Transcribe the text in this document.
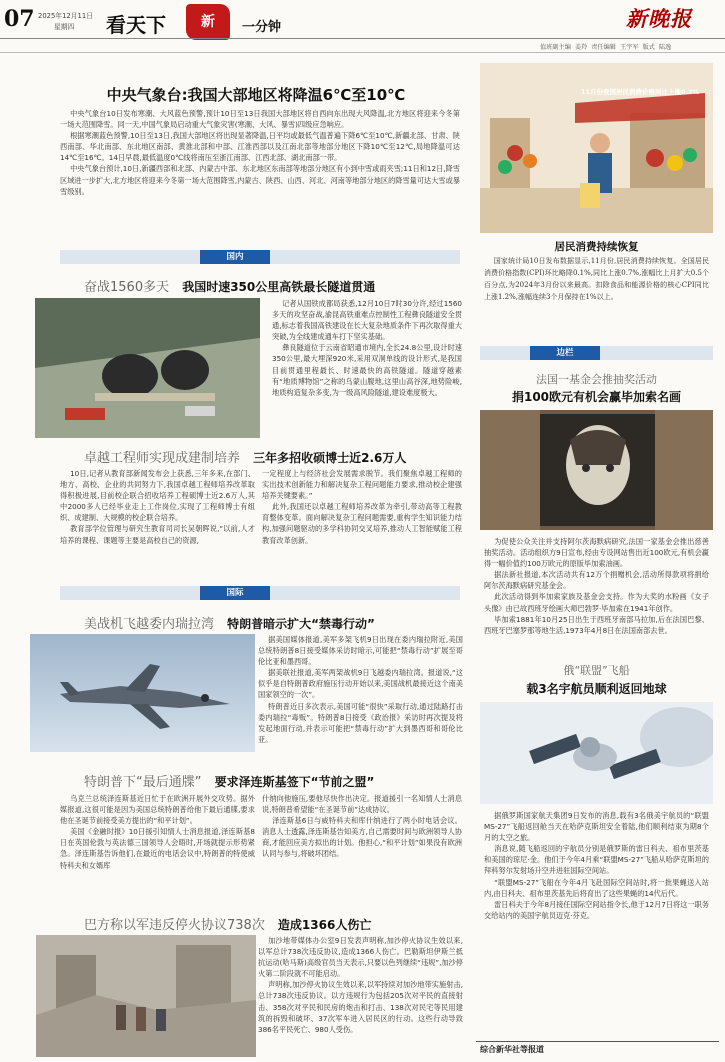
07 2025年12月11日
星期四 看天下	新	一分钟	新晚报
值班副主编 姜羚 责任编辑 王宇军 版式 陆逸
中央气象台:我国大部地区将降温6℃至10℃

中央气象台10日发布寒潮、大风蓝色预警,预计10日至13日我国大部地区将自西向东出现大风降温,北方地区将迎来今冬第一场大范围降雪。同一天,中国气象局启动重大气象灾害(寒潮、大风、暴雪)四级应急响应。

根据寒潮蓝色预警,10日至13日,我国大部地区将出现显著降温,日平均或最低气温普遍下降6℃至10℃,新疆北部、甘肃、陕西南部、华北南部、东北地区南部、黄淮北部和中部、江淮西部以及江南北部等地部分地区下降10℃至12℃,局地降温可达14℃至16℃。14日早晨,最低温度0℃线将南压至浙江南部、江西北部、湖北南部一带。

中央气象台预计,10日,新疆西部和北部、内蒙古中部、东北地区东南部等地部分地区有小到中雪或雨夹雪;11日和12日,降雪区域进一步扩大,北方地区将迎来今冬第一场大范围降雪,内蒙古、陕西、山西、河北、河南等地部分地区的降雪量可达大雪或暴雪级别。

11月份我国居民消费价格同比上涨0.7%
居民消费持续恢复

国家统计局10日发布数据显示,11月份,居民消费持续恢复。全国居民消费价格指数(CPI)环比略降0.1%,同比上涨0.7%,涨幅比上月扩大0.5个百分点,为2024年3月份以来最高。扣除食品和能源价格的核心CPI同比上涨1.2%,涨幅连续3个月保持在1%以上。

国内
奋战1560多天 我国时速350公里高铁最长隧道贯通

记者从国铁成都局获悉,12月10日7时30分许,经过1560多天的攻坚奋战,渝昆高铁重难点控制性工程彝良隧道安全贯通,标志着我国高铁建设在长大复杂地质条件下再次取得重大突破,为全线建成通车打下坚实基础。

彝良隧道位于云南省昭通市境内,全长24.8公里,设计时速350公里,最大埋深920米,采用双洞单线的设计形式,是我国目前贯通里程最长、时速最快的高铁隧道。隧道穿越素有“地质博物馆”之称的乌蒙山腹地,这里山高谷深,地势险峻,地质构造复杂多变,为一级高风险隧道,建设难度极大。

卓越工程师实现成建制培养 三年多招收硕博士近2.6万人

10日,记者从教育部新闻发布会上获悉,三年多来,在部门、地方、高校、企业的共同努力下,我国卓越工程师培养改革取得积极进展,目前校企联合招收培养工程硕博士近2.6万人,其中2000多人已经毕业走上工作岗位,实现了工程师博士有组织、成建制、大规模的校企联合培养。

教育部学位管理与研究生教育司司长吴朝晖说,“以前,人才培养的课程、课题等主要是高校自己的资源,

一定程度上与经济社会发展需求脱节。我们聚焦卓越工程师的实出技术创新能力和解决复杂工程问题能力要求,推动校企建强培养关键要素。”

此外,我国还以卓越工程师培养改革为牵引,带动高等工程教育整体变革。面向解决复杂工程问题需要,重构学生知识能力结构,加强问题驱动的多学科协同交叉培养,推动人工智能赋能工程教育改革创新。

边栏
法国一基金会推抽奖活动
捐100欧元有机会赢毕加索名画

为促使公众关注并支持阿尔茨海默病研究,法国一家基金会推出慈善抽奖活动。活动组织方9日宣布,经由专设网站售出近100欧元,有机会赢得一幅价值约100万欧元的原版毕加索油画。

据法新社报道,本次活动共有12万个捐赠机会,活动所得款项将捐给阿尔茨海默病研究基金会。

此次活动得到毕加索家族及基金会支持。作为大奖的水粉画《女子头像》由已故西班牙绘画大师巴勃罗·毕加索在1941年创作。

毕加索1881年10月25日出生于西班牙南部马拉加,后在法国巴黎、西班牙巴塞罗那等地生活,1973年4月8日在法国南部去世。

国际
美战机飞越委内瑞拉湾 特朗普暗示扩大“禁毒行动”

据美国媒体报道,美军多架飞机9日出现在委内瑞拉附近,美国总统特朗普8日接受媒体采访时暗示,可能把“禁毒行动”扩展至哥伦比亚和墨西哥。

据美联社报道,美军两架战机9日飞越委内瑞拉湾。报道说,“这似乎是自特朗普政府施压行动开始以来,美国战机最接近这个南美国家领空的一次”。

特朗普近日多次表示,美国可能“很快”采取行动,通过陆路打击委内瑞拉“毒贩”。特朗普8日接受《政治报》采访时再次提及将发起地面行动,并表示可能把“禁毒行动”扩大到墨西哥和哥伦比亚。

俄“联盟”飞船
载3名宇航员顺利返回地球

据俄罗斯国家航天集团9日发布的消息,载有3名俄美宇航员的“联盟MS-27”飞船返回舱当天在哈萨克斯坦安全着陆,他们顺利结束为期8个月的太空之旅。

消息说,随飞船返回的宇航员分别是俄罗斯的雷日科夫、祖布里茨基和美国的琼尼·金。他们于今年4月乘“联盟MS-27”飞船从哈萨克斯坦的拜科努尔发射场升空并进驻国际空间站。

“联盟MS-27”飞船在今年4月飞赴国际空间站时,将一批果蝇送入站内,由日科夫、祖布里茨基先后将育出了这些果蝇的14代后代。

雷日科夫于今年8月接任国际空间站指令长,他于12月7日将这一职务交给站内的美国宇航员迈克·芬克。

特朗普下“最后通牒” 要求泽连斯基签下“节前之盟”

乌克兰总统泽连斯基近日忙于在欧洲开展外交攻势。据外媒报道,这很可能是因为美国总统特朗普给他下最后通牒,要求他在圣诞节前接受美方提出的“和平计划”。

美国《金融时报》10日援引知情人士消息报道,泽连斯基8日在英国伦敦与英法德三国领导人会晤时,开场就提示形势紧急。泽连斯基告诉他们,在最近的电话会议中,特朗普的特使威特科夫和女婿库

什纳向他施压,要他尽快作出决定。报道援引一名知情人士消息说,特朗普希望能“在圣诞节前”达成协议。

泽连斯基6日与威特科夫和库什纳进行了两小时电话会议。消息人士透露,泽连斯基告知美方,自己需要时间与欧洲领导人协商,才能回应美方拟出的计划。他担心,“和平计划”如果没有欧洲认同与参与,将破坏团结。

巴方称以军违反停火协议738次 造成1366人伤亡

加沙地带媒体办公室9日发表声明称,加沙停火协议生效以来,以军总计738次违反协议,造成1366人伤亡。巴勒斯坦伊斯兰抵抗运动(哈马斯)高级官员当天表示,只要以色列继续“违规”,加沙停火第二阶段就不可能启动。

声明称,加沙停火协议生效以来,以军持续对加沙地带实施射击,总计738次违反协议。以方违规行为包括205次对平民的直接射击、358次对平民和民房的炮击和打击、138次对民宅等民用建筑的拆毁和破坏、37次军车进入居民区的行动。这些行动导致386名平民死亡、980人受伤。

综合新华社等报道
